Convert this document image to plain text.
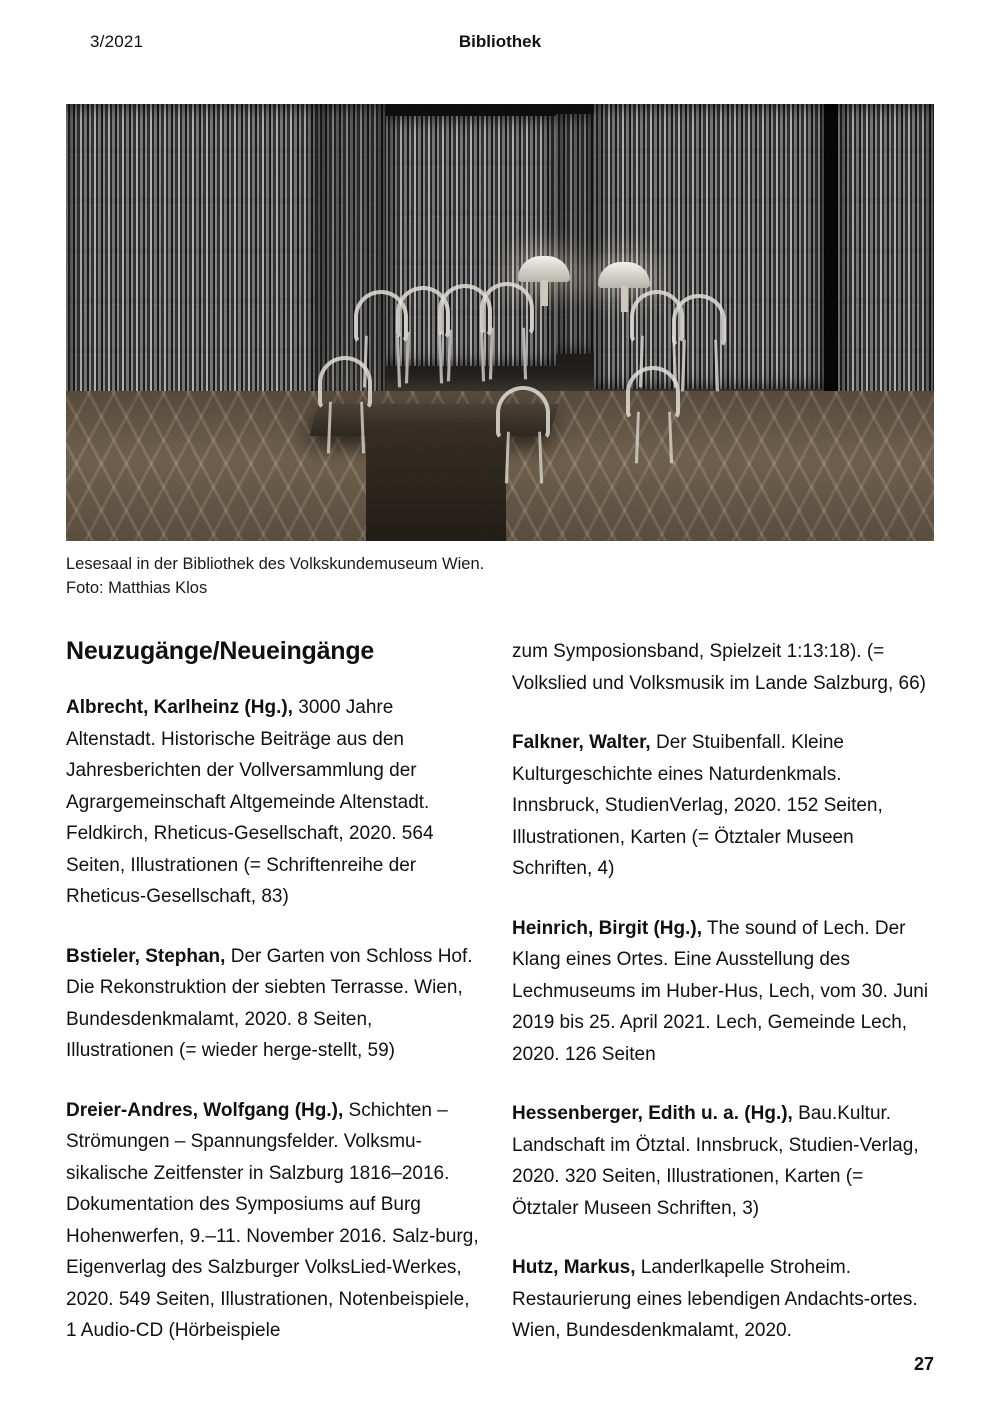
3/2021	Bibliothek
Lesesaal in der Bibliothek des Volkskundemuseum Wien.
Foto: Matthias Klos
Neuzugänge/Neueingänge

Albrecht, Karlheinz (Hg.), 3000 Jahre Altenstadt. Historische Beiträge aus den Jahresberichten der Vollversammlung der Agrargemeinschaft Altgemeinde Altenstadt. Feldkirch, Rheticus-Gesellschaft, 2020. 564 Seiten, Illustrationen (= Schriftenreihe der Rheticus-Gesellschaft, 83)

Bstieler, Stephan, Der Garten von Schloss Hof. Die Rekonstruktion der siebten Terrasse. Wien, Bundesdenkmalamt, 2020. 8 Seiten, Illustrationen (= wieder herge-stellt, 59)

Dreier-Andres, Wolfgang (Hg.), Schichten – Strömungen – Spannungsfelder. Volksmu-sikalische Zeitfenster in Salzburg 1816–2016. Dokumentation des Symposiums auf Burg Hohenwerfen, 9.–11. November 2016. Salz-burg, Eigenverlag des Salzburger VolksLied-Werkes, 2020. 549 Seiten, Illustrationen, Notenbeispiele, 1 Audio-CD (Hörbeispiele

zum Symposionsband, Spielzeit 1:13:18). (= Volkslied und Volksmusik im Lande Salzburg, 66)

Falkner, Walter, Der Stuibenfall. Kleine Kulturgeschichte eines Naturdenkmals. Innsbruck, StudienVerlag, 2020. 152 Seiten, Illustrationen, Karten (= Ötztaler Museen Schriften, 4)

Heinrich, Birgit (Hg.), The sound of Lech. Der Klang eines Ortes. Eine Ausstellung des Lechmuseums im Huber-Hus, Lech, vom 30. Juni 2019 bis 25. April 2021. Lech, Gemeinde Lech, 2020. 126 Seiten

Hessenberger, Edith u. a. (Hg.), Bau.Kultur. Landschaft im Ötztal. Innsbruck, Studien-Verlag, 2020. 320 Seiten, Illustrationen, Karten (= Ötztaler Museen Schriften, 3)

Hutz, Markus, Landerlkapelle Stroheim. Restaurierung eines lebendigen Andachts-ortes. Wien, Bundesdenkmalamt, 2020.

27
